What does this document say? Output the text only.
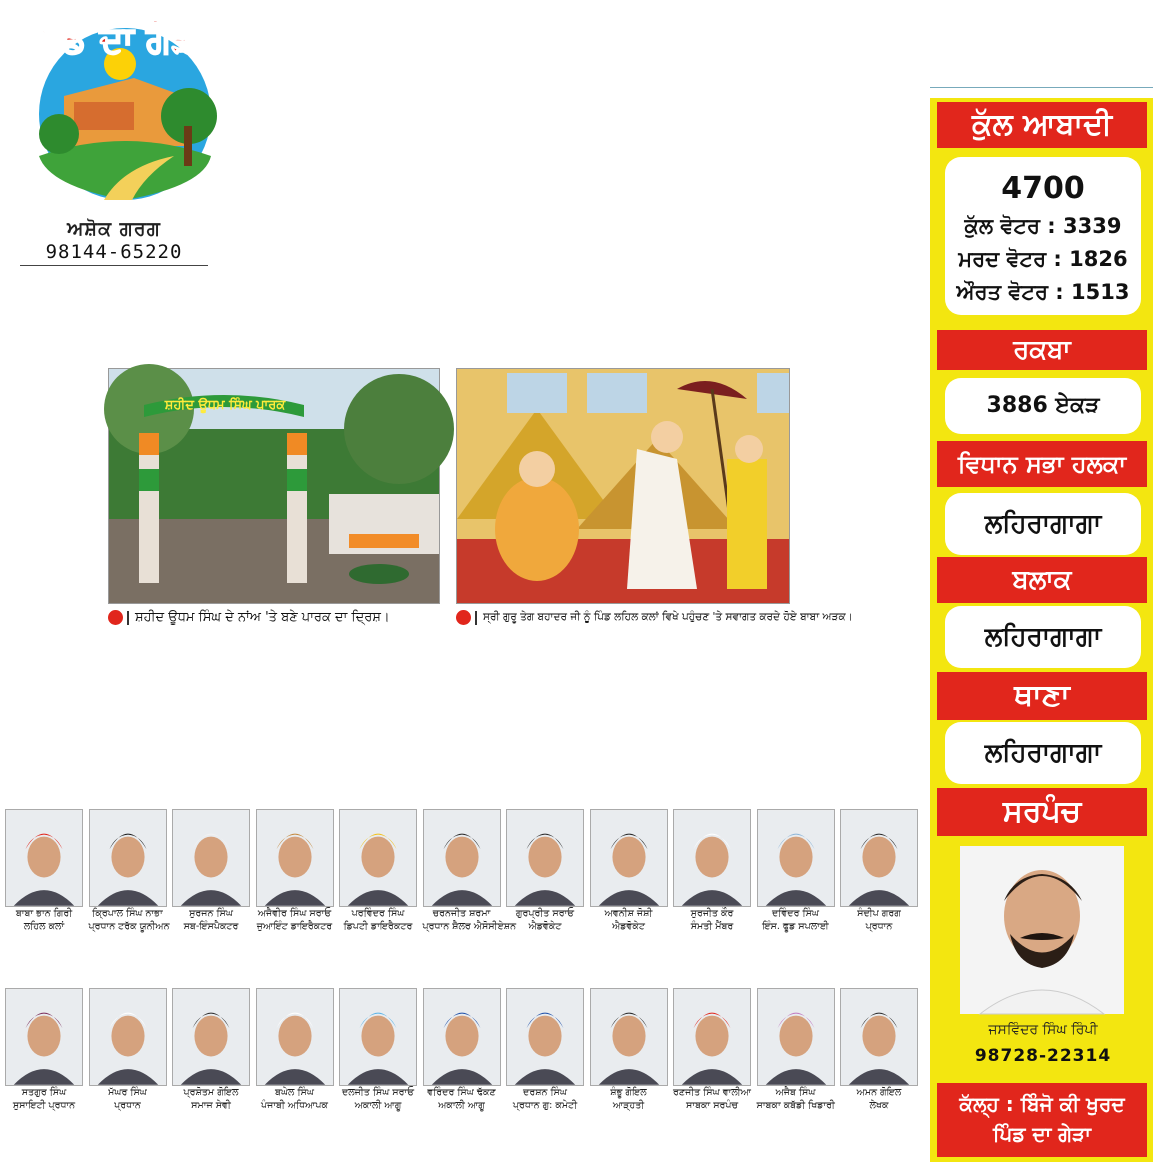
ਪਿੰਡ ਦਾ ਗੇੜਾ
ਅਸ਼ੋਕ ਗਰਗ
98144-65220
ਸ਼ਹੀਦ ਊਧਮ ਸਿੰਘ ਪਾਰਕ
ਸ਼ਹੀਦ ਊਧਮ ਸਿੰਘ ਦੇ ਨਾਂਅ 'ਤੇ ਬਣੇ ਪਾਰਕ ਦਾ ਦ੍ਰਿਸ਼।	ਸ੍ਰੀ ਗੁਰੂ ਤੇਗ ਬਹਾਦਰ ਜੀ ਨੂੰ ਪਿੰਡ ਲਹਿਲ ਕਲਾਂ ਵਿਖੇ ਪਹੁੰਚਣ 'ਤੇ ਸਵਾਗਤ ਕਰਦੇ ਹੋਏ ਬਾਬਾ ਅੜਕ।
ਕੁੱਲ ਆਬਾਦੀ
4700
ਕੁੱਲ ਵੋਟਰ : 3339
ਮਰਦ ਵੋਟਰ : 1826
ਔਰਤ ਵੋਟਰ : 1513
ਰਕਬਾ
3886 ਏਕੜ
ਵਿਧਾਨ ਸਭਾ ਹਲਕਾ
ਲਹਿਰਾਗਾਗਾ
ਬਲਾਕ
ਲਹਿਰਾਗਾਗਾ
ਥਾਣਾ
ਲਹਿਰਾਗਾਗਾ
ਸਰਪੰਚ
ਜਸਵਿੰਦਰ ਸਿੰਘ ਰਿੰਪੀ
98728-22314
ਕੱਲ੍ਹ : ਬਿੰਜੋ ਕੀ ਖੁਰਦ
ਪਿੰਡ ਦਾ ਗੇੜਾ
ਬਾਬਾ ਭਾਨ ਗਿਰੀ
ਲਹਿਲ ਕਲਾਂ
ਕ੍ਰਿਪਾਲ ਸਿੰਘ ਨਾਭਾ
ਪ੍ਰਧਾਨ ਟਰੱਕ ਯੂਨੀਅਨ
ਸੁਰਜਨ ਸਿੰਘ
ਸਬ-ਇੰਸਪੈਕਟਰ
ਅਜੈਵੀਰ ਸਿੰਘ ਸਰਾਓ
ਜੁਆਇੰਟ ਡਾਇਰੈਕਟਰ
ਪਰਵਿੰਦਰ ਸਿੰਘ
ਡਿਪਟੀ ਡਾਇਰੈਕਟਰ
ਚਰਨਜੀਤ ਸ਼ਰਮਾ
ਪ੍ਰਧਾਨ ਸ਼ੈਲਰ ਐਸੋਸੀਏਸ਼ਨ
ਗੁਰਪ੍ਰੀਤ ਸਰਾਓ
ਐਡਵੋਕੇਟ
ਅਵਨੀਸ਼ ਜੋਸ਼ੀ
ਐਡਵੋਕੇਟ
ਸੁਰਜੀਤ ਕੌਰ
ਸੰਮਤੀ ਮੈਂਬਰ
ਦਵਿੰਦਰ ਸਿੰਘ
ਇੰਸ. ਫੂਡ ਸਪਲਾਈ
ਸੰਦੀਪ ਗਰਗ
ਪ੍ਰਧਾਨ
ਸਤਗੁਰ ਸਿੰਘ
ਸੁਸਾਇਟੀ ਪ੍ਰਧਾਨ
ਮੱਘਰ ਸਿੰਘ
ਪ੍ਰਧਾਨ
ਪ੍ਰਸ਼ੋਤਮ ਗੋਇਲ
ਸਮਾਜ ਸੇਵੀ
ਬਘੇਲ ਸਿੰਘ
ਪੰਜਾਬੀ ਅਧਿਆਪਕ
ਦਲਜੀਤ ਸਿੰਘ ਸਰਾਓ
ਅਕਾਲੀ ਆਗੂ
ਵਰਿੰਦਰ ਸਿੰਘ ਢੱਕਣ
ਅਕਾਲੀ ਆਗੂ
ਦਰਸ਼ਨ ਸਿੰਘ
ਪ੍ਰਧਾਨ ਗੁ: ਕਮੇਟੀ
ਸ਼ੰਭੂ ਗੋਇਲ
ਆੜ੍ਹਤੀ
ਰਣਜੀਤ ਸਿੰਘ ਵਾਲੀਆ
ਸਾਬਕਾ ਸਰਪੰਚ
ਅਜੈਬ ਸਿੰਘ
ਸਾਬਕਾ ਕਬੱਡੀ ਖਿਡਾਰੀ
ਅਮਨ ਗੋਇਲ
ਲੇਖਕ
